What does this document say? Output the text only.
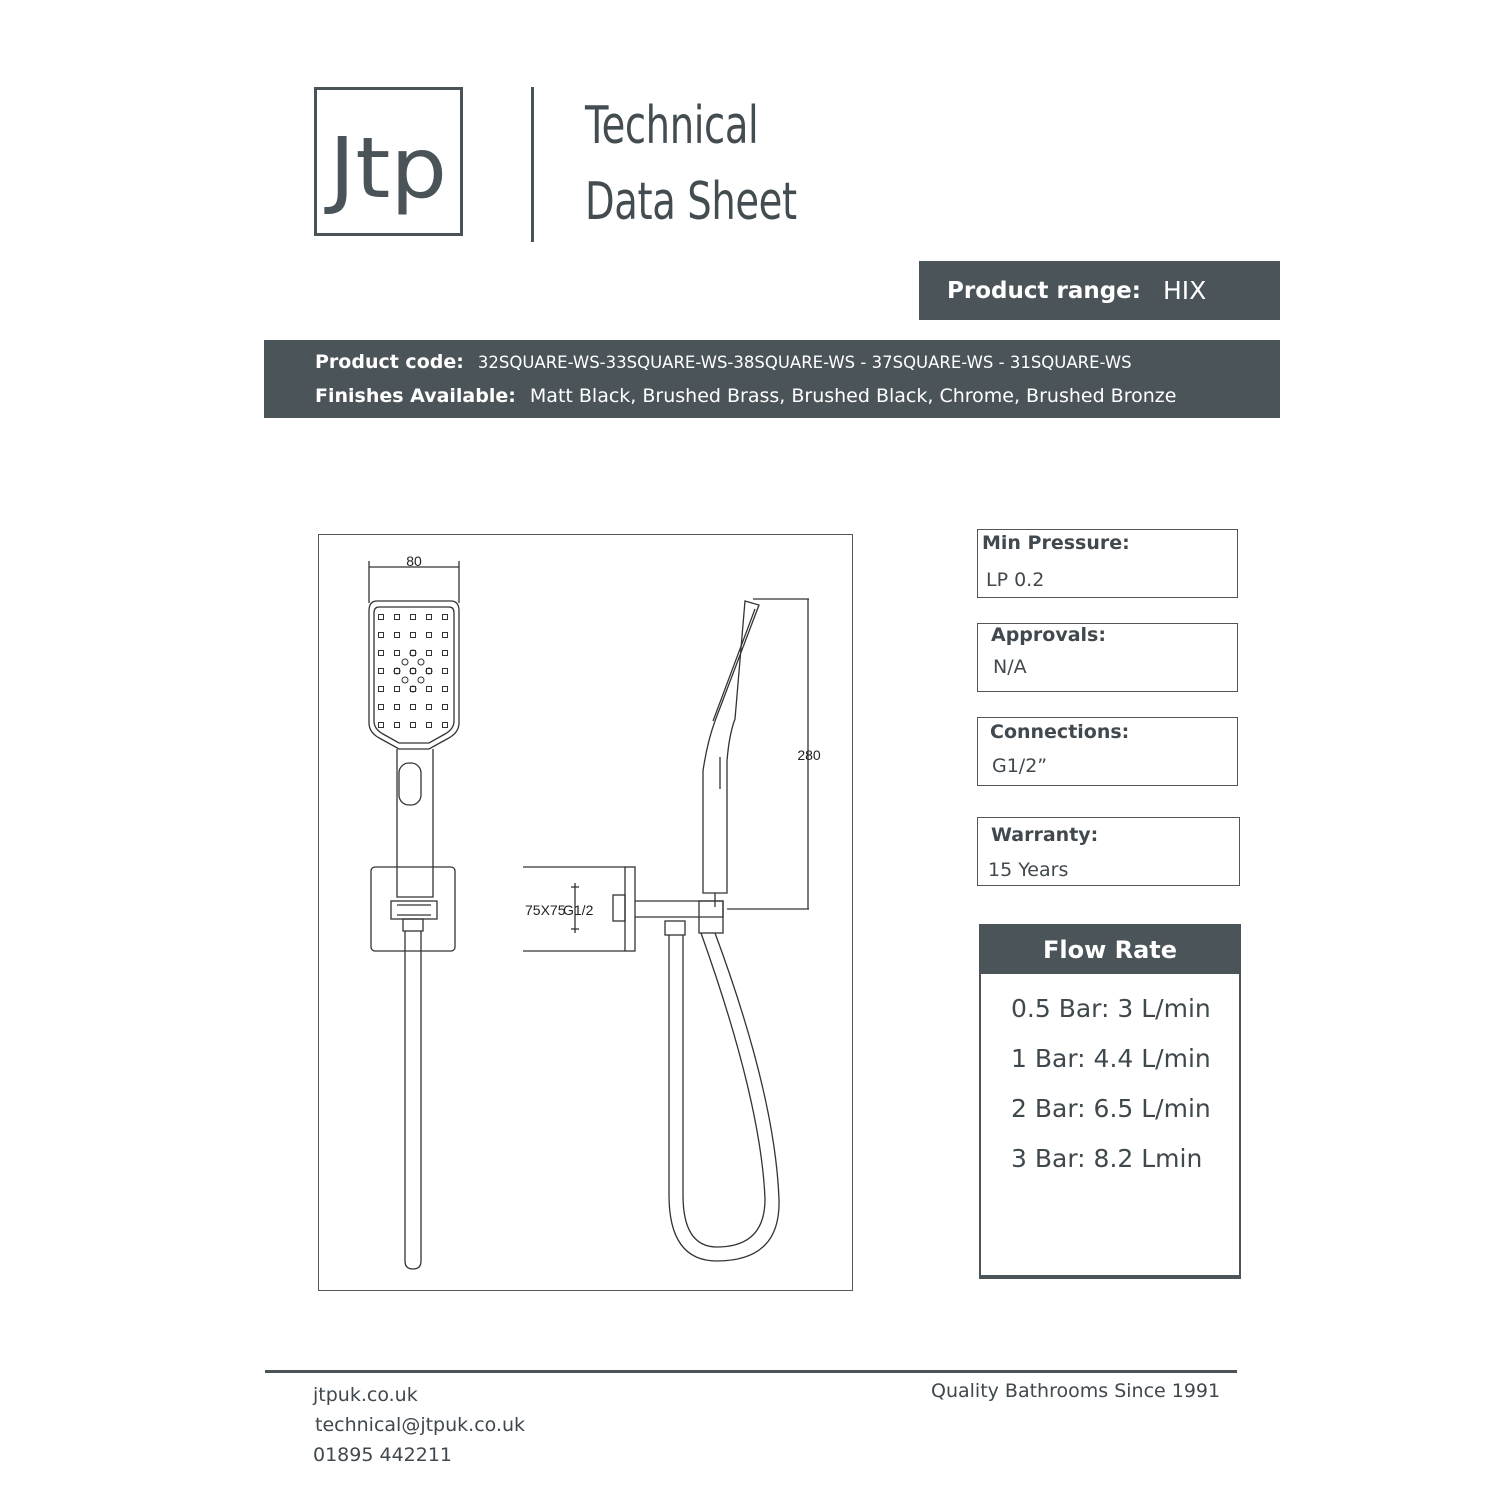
Jtp	Technical
Data Sheet
Product range: HIX
Product code: 32SQUARE-WS-33SQUARE-WS-38SQUARE-WS - 37SQUARE-WS - 31SQUARE-WS
Finishes Available: Matt Black, Brushed Brass, Brushed Black, Chrome, Brushed Bronze
80
280
75X75
G1/2
Min Pressure:
LP 0.2
Approvals:
N/A
Connections:
G1/2”
Warranty:
15 Years
Flow Rate
0.5 Bar: 3 L/min
1 Bar: 4.4 L/min
2 Bar: 6.5 L/min
3 Bar: 8.2 Lmin
jtpuk.co.uk
technical@jtpuk.co.uk
01895 442211
Quality Bathrooms Since 1991
